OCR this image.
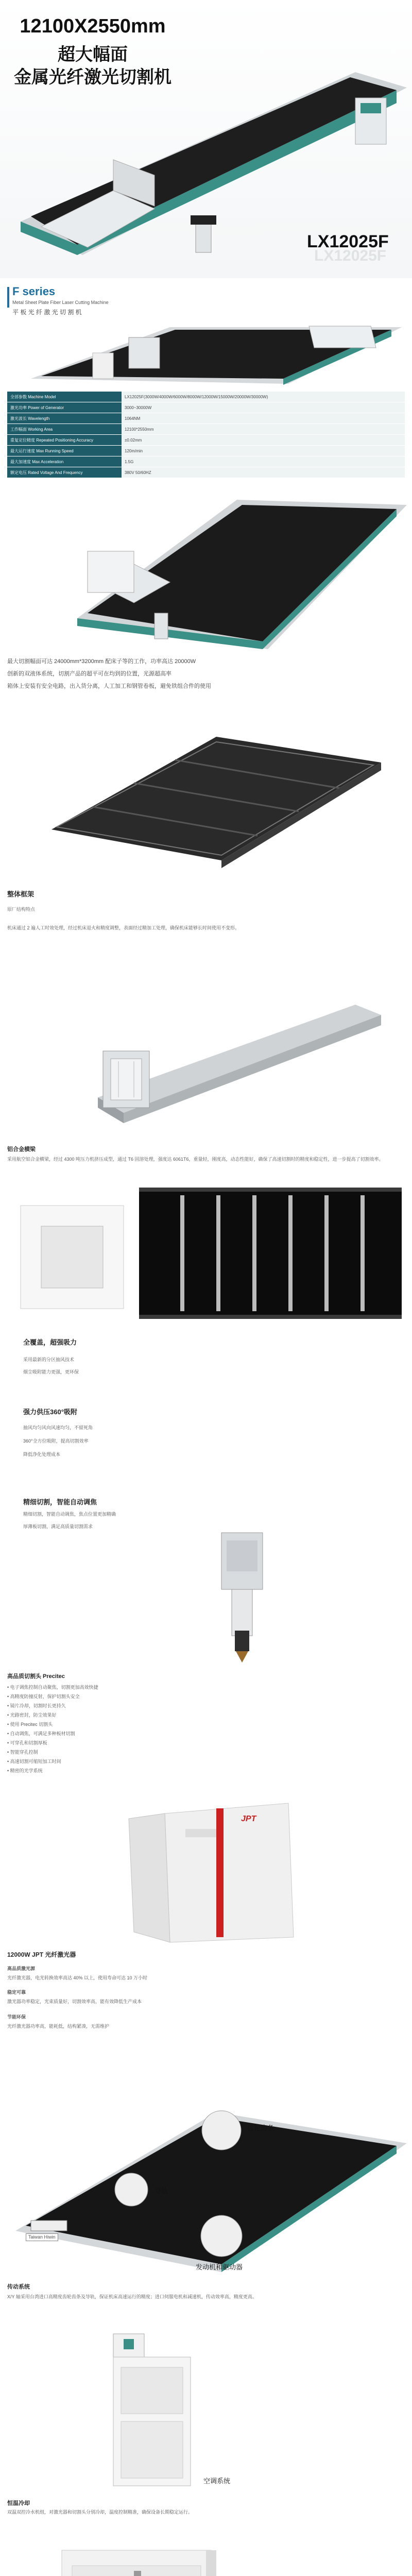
12100X2550mm
超大幅面
金属光纤激光切割机
LX12025F
LX12025F
F series
Metal Sheet Plate Fiber Laser Cutting Machine
平 板 光 纤 激 光 切 割 机
全部参数 Machine Model	LX12025F(3000W/4000W/6000W/8000W/12000W/15000W/20000W/30000W)
激光功率 Power of Generator	3000~30000W
激光波长 Wavelength	1064NM
工作幅面 Working Area	12100*2550mm
重复定位精度 Repeated Positioning Accuracy	±0.02mm
最大运行速度 Max Running Speed	120m/min
最大加速度 Max Acceleration	1.5G
额定电压 Rated Voltage And Frequency	380V 50/60HZ
最大切割幅面可达 24000mm*3200mm 配床子等的工作，功率高达 20000W
创新的双液体系统，切割产品的超平可在均到的位置，光源超高率
箱体上安装有安全电路，出入货分离，人工加工和钢管卷板，避免铁组合件的使用
整体框架
原厂结构特点
机床通过 2 遍人工时效处理，经过机床退火和精度调整，表面经过精加工处理，确保机床能够长时间使用不变形。
铝合金横梁
采用航空铝合金横梁，经过 4300 吨压力机挤压成型，通过 T6 固溶处理，强度达 6061T6，重量轻，刚度高，动态性能好，确保了高速切割时的精度和稳定性，进一步提高了切割效率。
全覆盖，超强吸力
采用最新的分区抽风技术
烟尘吸附能力更强，更环保
强力供压360°吸附
抽风均匀风向风速均匀，不留死角
360°全方位吸附，提高切割效率
降低净化处理成本
精细切割，智能自动调焦
精细切割，智能自动调焦，焦点位置更加精确
厚薄板切割，满足高质量切割需求
高品质切割头 Precitec
• 电子调焦控制自动聚焦，切割更加高效快捷
• 高精度防撞反射，保护切割头安全
• 镜片冷却，切割时长更持久
• 光路密封，防尘效果好
• 使用 Precitec 切割头
• 自动调焦，可满足多种板材切割
• 可穿孔和切割厚板
• 智能穿孔控制
• 高速切割可缩短加工时间
• 精密的光学系统
JPT
12000W JPT 光纤激光器
高品质激光源
光纤激光器，电光转换效率高达 40% 以上，使用寿命可达 10 万小时
稳定可靠
激光器功率稳定，光束质量好，切割效率高，能有效降低生产成本
节能环保
光纤激光器功率高，能耗低，结构紧凑，无需维护
齿轮齿条
导轨
发动机和驱动器
Taiwan Hiwin
传动系统
X/Y 轴采用台湾进口高精度齿轮齿条及导轨，保证机床高速运行的精度；进口伺服电机和减速机，传动效率高，精度更高。
空调系统
恒温冷却
双温双控冷水机组，对激光器和切割头分别冷却，温度控制精准，确保设备长期稳定运行。
